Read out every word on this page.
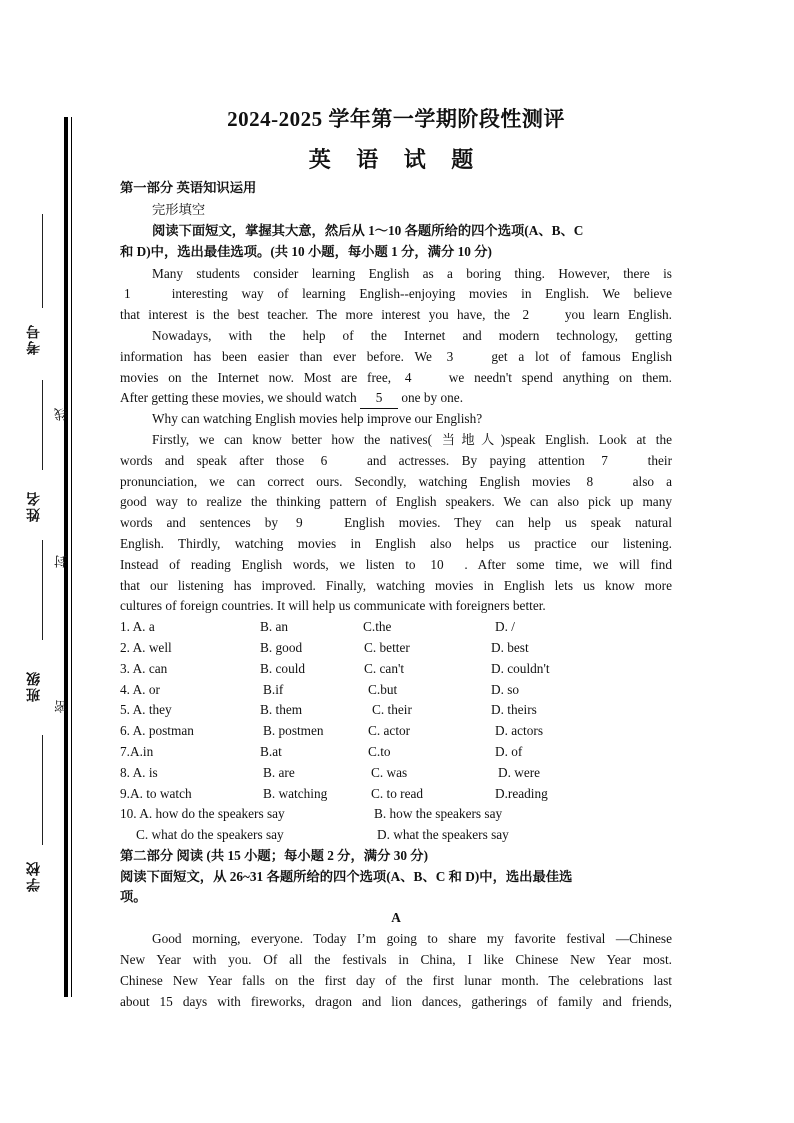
考号
线
姓名
封
班级
密
学校
2024-2025 学年第一学期阶段性测评
英 语 试 题
第一部分 英语知识运用
完形填空
阅读下面短文，掌握其大意，然后从 1～10 各题所给的四个选项(A、B、C
和 D)中，选出最佳选项。(共 10 小题，每小题 1 分，满分 10 分)
Many students consider learning English as a boring thing. However, there is
1	interesting way of learning English--enjoying movies in English. We believe
that interest is the best teacher. The more interest you have, the 2	you learn English.
Nowadays, with the help of the Internet and modern technology, getting
information has been easier than ever before. We 3	get a lot of famous English
movies on the Internet now. Most are free, 4	we needn't spend anything on them.
After getting these movies, we should watch 5 one by one.
Why can watching English movies help improve our English?
Firstly, we can know better how the natives( 当地人)speak English. Look at the
words and speak after those 6	and actresses. By paying attention 7	their
pronunciation, we can correct ours. Secondly, watching English movies 8	also a
good way to realize the thinking pattern of English speakers. We can also pick up many
words and sentences by 9	English movies. They can help us speak natural
English. Thirdly, watching movies in English also helps us practice our listening.
Instead of reading English words, we listen to 10 . After some time, we will find
that our listening has improved. Finally, watching movies in English lets us know more
cultures of foreign countries. It will help us communicate with foreigners better.
1. A. a	B. an	C.the	D. /
2. A. well	B. good	C. better	D. best
3. A. can	B. could	C. can't	D. couldn't
4. A. or	B.if	C.but	D. so
5. A. they	B. them	C. their	D. theirs
6. A. postman	B. postmen	C. actor	D. actors
7.A.in	B.at	C.to	D. of
8. A. is	B. are	C. was	D. were
9.A. to watch	B. watching	C. to read	D.reading
10. A. how do the speakers say	B. how the speakers say
C. what do the speakers say	D. what the speakers say
第二部分 阅读 (共 15 小题；每小题 2 分，满分 30 分)
阅读下面短文，从 26~31 各题所给的四个选项(A、B、C 和 D)中，选出最佳选
项。
A
Good morning, everyone. Today I’m going to share my favorite festival —Chinese
New Year with you. Of all the festivals in China, I like Chinese New Year most.
Chinese New Year falls on the first day of the first lunar month. The celebrations last
about 15 days with fireworks, dragon and lion dances, gatherings of family and friends,
